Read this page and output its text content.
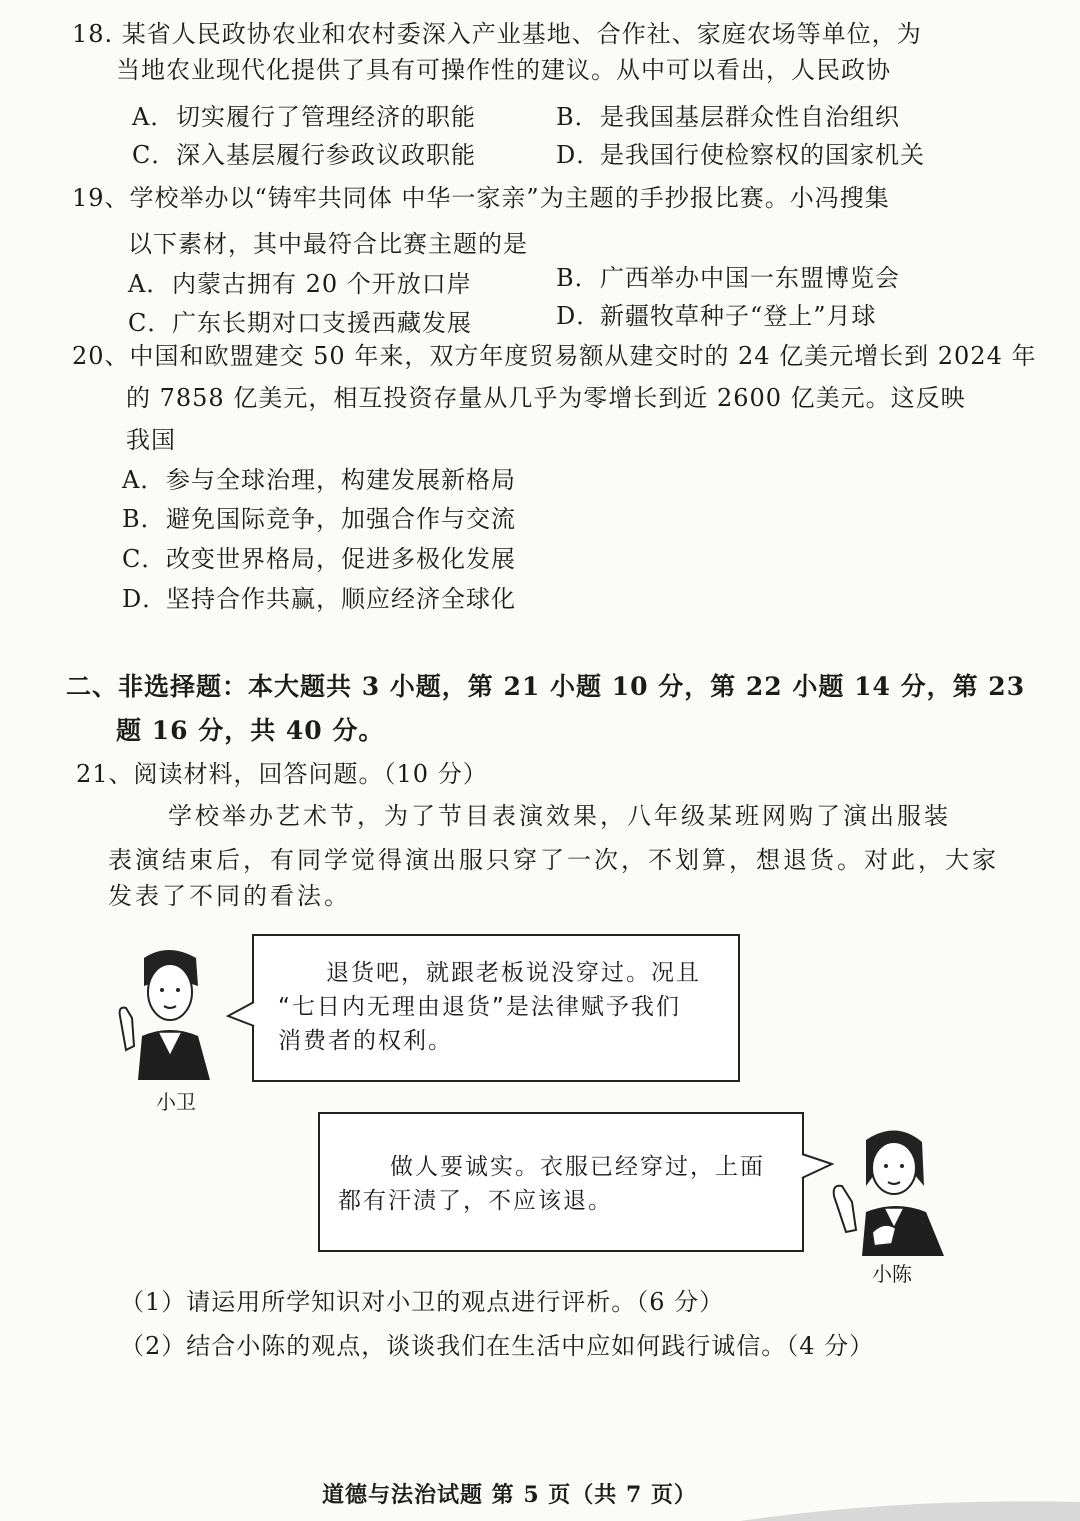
18. 某省人民政协农业和农村委深入产业基地、合作社、家庭农场等单位，为
当地农业现代化提供了具有可操作性的建议。从中可以看出，人民政协
A．切实履行了管理经济的职能	B．是我国基层群众性自治组织
C．深入基层履行参政议政职能	D．是我国行使检察权的国家机关
19、学校举办以“铸牢共同体 中华一家亲”为主题的手抄报比赛。小冯搜集
以下素材，其中最符合比赛主题的是
A．内蒙古拥有 20 个开放口岸	B．广西举办中国一东盟博览会
C．广东长期对口支援西藏发展	D．新疆牧草种子“登上”月球
20、中国和欧盟建交 50 年来，双方年度贸易额从建交时的 24 亿美元增长到 2024 年
的 7858 亿美元，相互投资存量从几乎为零增长到近 2600 亿美元。这反映
我国
A．参与全球治理，构建发展新格局
B．避免国际竞争，加强合作与交流
C．改变世界格局，促进多极化发展
D．坚持合作共赢，顺应经济全球化
二、非选择题：本大题共 3 小题，第 21 小题 10 分，第 22 小题 14 分，第 23
题 16 分，共 40 分。
21、阅读材料，回答问题。（10 分）
学校举办艺术节，为了节目表演效果，八年级某班网购了演出服装
表演结束后，有同学觉得演出服只穿了一次，不划算，想退货。对此，大家
发表了不同的看法。
小卫

退货吧，就跟老板说没穿过。况且

“七日内无理由退货”是法律赋予我们

消费者的权利。

做人要诚实。衣服已经穿过，上面

都有汗渍了，不应该退。

小陈
（1）请运用所学知识对小卫的观点进行评析。（6 分）
（2）结合小陈的观点，谈谈我们在生活中应如何践行诚信。（4 分）
道德与法治试题 第 5 页（共 7 页）
